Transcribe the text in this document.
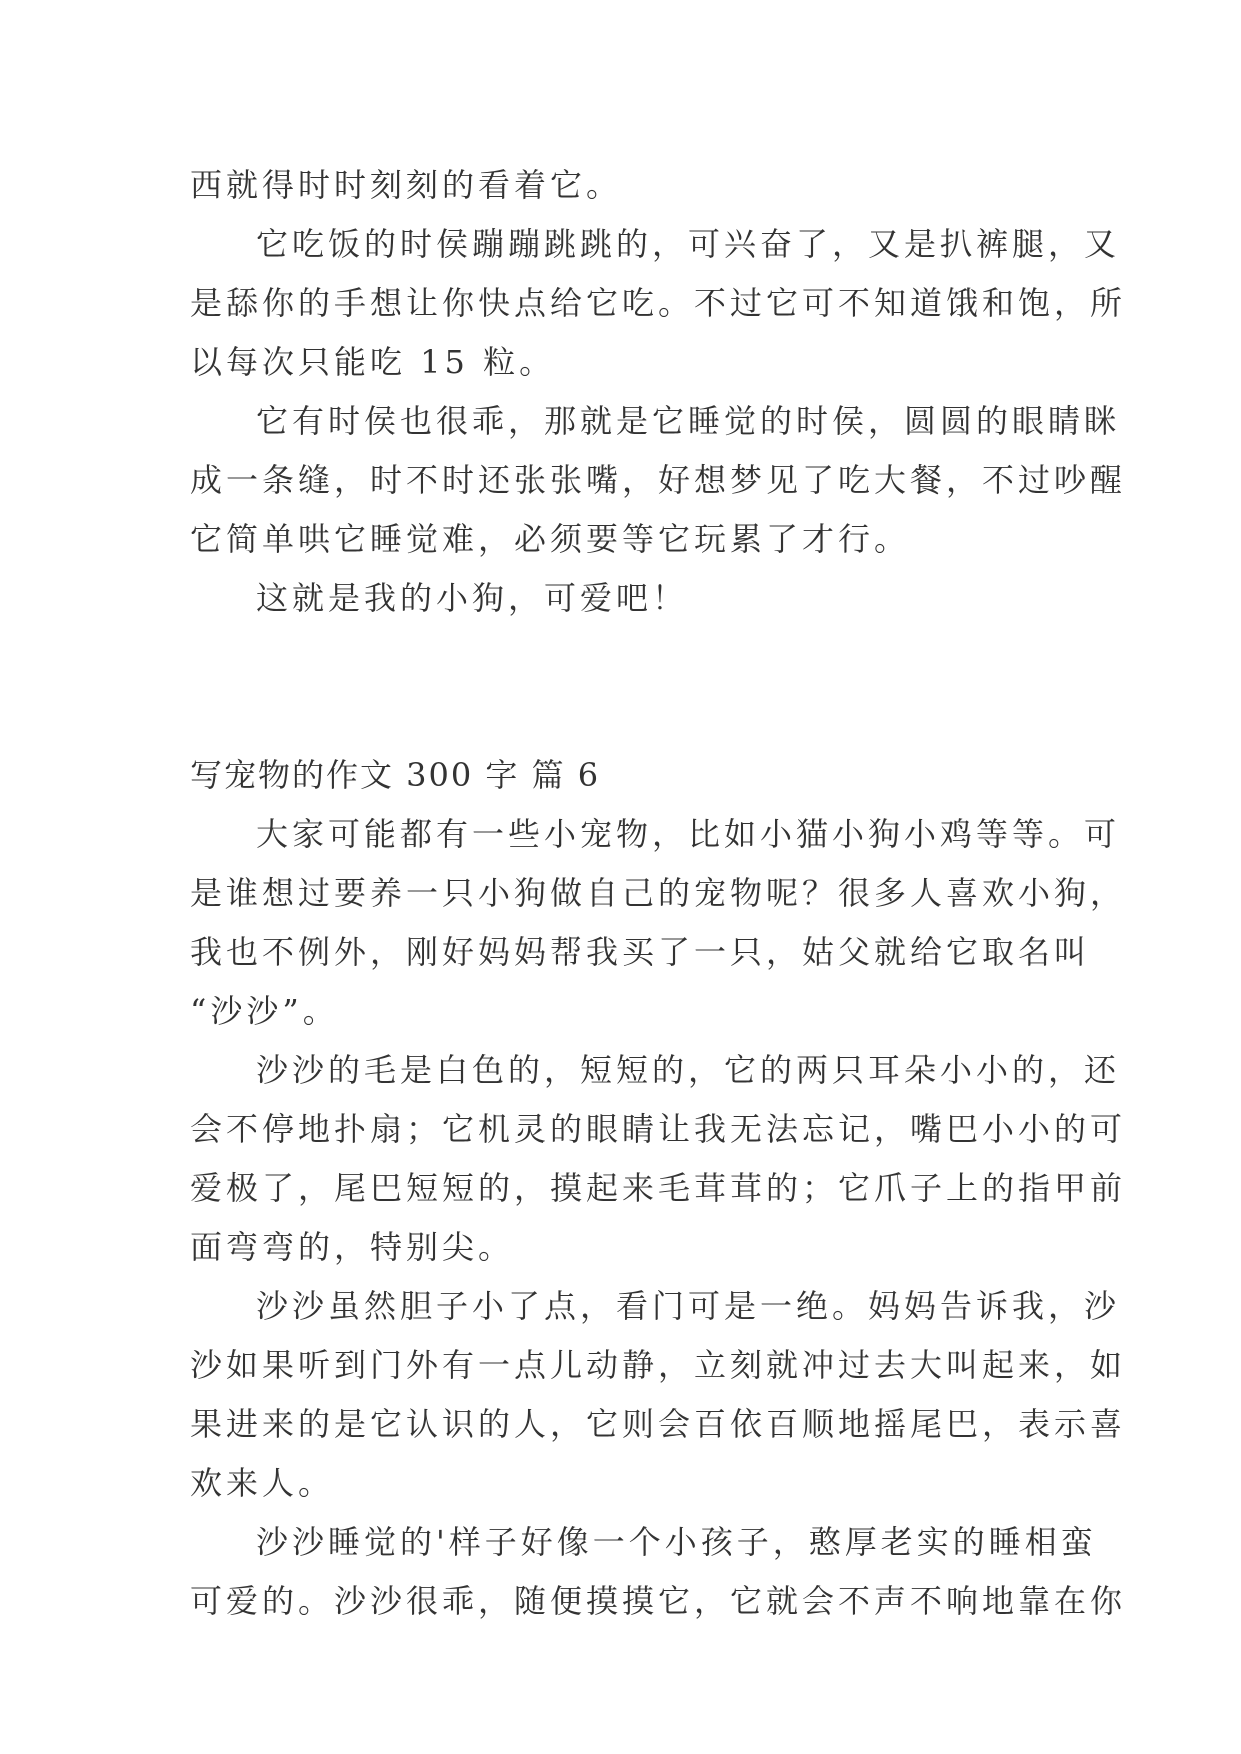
西就得时时刻刻的看着它。
它吃饭的时侯蹦蹦跳跳的，可兴奋了，又是扒裤腿，又
是舔你的手想让你快点给它吃。不过它可不知道饿和饱，所
以每次只能吃 15 粒。
它有时侯也很乖，那就是它睡觉的时侯，圆圆的眼睛眯
成一条缝，时不时还张张嘴，好想梦见了吃大餐，不过吵醒
它简单哄它睡觉难，必须要等它玩累了才行。
这就是我的小狗，可爱吧！
写宠物的作文 300 字 篇 6
大家可能都有一些小宠物，比如小猫小狗小鸡等等。可
是谁想过要养一只小狗做自己的宠物呢？很多人喜欢小狗，
我也不例外，刚好妈妈帮我买了一只，姑父就给它取名叫
“沙沙”。
沙沙的毛是白色的，短短的，它的两只耳朵小小的，还
会不停地扑扇；它机灵的眼睛让我无法忘记，嘴巴小小的可
爱极了，尾巴短短的，摸起来毛茸茸的；它爪子上的指甲前
面弯弯的，特别尖。
沙沙虽然胆子小了点，看门可是一绝。妈妈告诉我，沙
沙如果听到门外有一点儿动静，立刻就冲过去大叫起来，如
果进来的是它认识的人，它则会百依百顺地摇尾巴，表示喜
欢来人。
沙沙睡觉的'样子好像一个小孩子，憨厚老实的睡相蛮
可爱的。沙沙很乖，随便摸摸它，它就会不声不响地靠在你
